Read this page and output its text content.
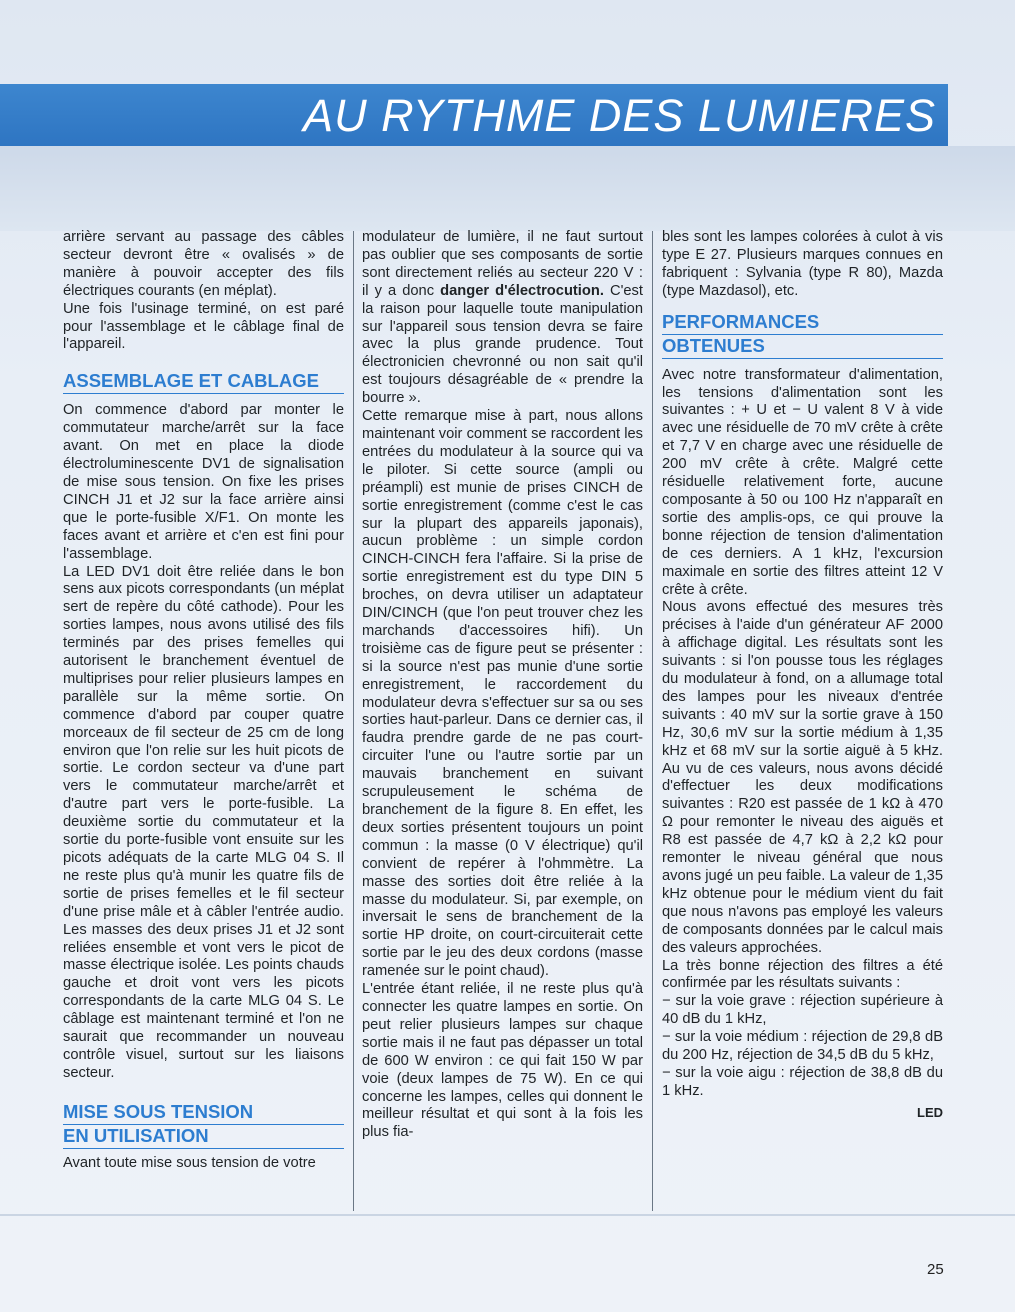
AU RYTHME DES LUMIERES

arrière servant au passage des câbles secteur devront être « ovalisés » de manière à pouvoir accepter des fils électriques courants (en méplat).

Une fois l'usinage terminé, on est paré pour l'assemblage et le câblage final de l'appareil.

ASSEMBLAGE ET CABLAGE

On commence d'abord par monter le commutateur marche/arrêt sur la face avant. On met en place la diode électroluminescente DV1 de signalisation de mise sous tension. On fixe les prises CINCH J1 et J2 sur la face arrière ainsi que le porte-fusible X/F1. On monte les faces avant et arrière et c'en est fini pour l'assemblage.

La LED DV1 doit être reliée dans le bon sens aux picots correspondants (un méplat sert de repère du côté cathode). Pour les sorties lampes, nous avons utilisé des fils terminés par des prises femelles qui autorisent le branchement éventuel de multiprises pour relier plusieurs lampes en parallèle sur la même sortie. On commence d'abord par couper quatre morceaux de fil secteur de 25 cm de long environ que l'on relie sur les huit picots de sortie. Le cordon secteur va d'une part vers le commutateur marche/arrêt et d'autre part vers le porte-fusible. La deuxième sortie du commutateur et la sortie du porte-fusible vont ensuite sur les picots adéquats de la carte MLG 04 S. Il ne reste plus qu'à munir les quatre fils de sortie de prises femelles et le fil secteur d'une prise mâle et à câbler l'entrée audio. Les masses des deux prises J1 et J2 sont reliées ensemble et vont vers le picot de masse électrique isolée. Les points chauds gauche et droit vont vers les picots correspondants de la carte MLG 04 S. Le câblage est maintenant terminé et l'on ne saurait que recommander un nouveau contrôle visuel, surtout sur les liaisons secteur.

MISE SOUS TENSION
EN UTILISATION

Avant toute mise sous tension de votre

modulateur de lumière, il ne faut surtout pas oublier que ses composants de sortie sont directement reliés au secteur 220 V : il y a donc danger d'électrocution. C'est la raison pour laquelle toute manipulation sur l'appareil sous tension devra se faire avec la plus grande prudence. Tout électronicien chevronné ou non sait qu'il est toujours désagréable de « prendre la bourre ».

Cette remarque mise à part, nous allons maintenant voir comment se raccordent les entrées du modulateur à la source qui va le piloter. Si cette source (ampli ou préampli) est munie de prises CINCH de sortie enregistrement (comme c'est le cas sur la plupart des appareils japonais), aucun problème : un simple cordon CINCH-CINCH fera l'affaire. Si la prise de sortie enregistrement est du type DIN 5 broches, on devra utiliser un adaptateur DIN/CINCH (que l'on peut trouver chez les marchands d'accessoires hifi). Un troisième cas de figure peut se présenter : si la source n'est pas munie d'une sortie enregistrement, le raccordement du modulateur devra s'effectuer sur sa ou ses sorties haut-parleur. Dans ce dernier cas, il faudra prendre garde de ne pas court-circuiter l'une ou l'autre sortie par un mauvais branchement en suivant scrupuleusement le schéma de branchement de la figure 8. En effet, les deux sorties présentent toujours un point commun : la masse (0 V électrique) qu'il convient de repérer à l'ohmmètre. La masse des sorties doit être reliée à la masse du modulateur. Si, par exemple, on inversait le sens de branchement de la sortie HP droite, on court-circuiterait cette sortie par le jeu des deux cordons (masse ramenée sur le point chaud).

L'entrée étant reliée, il ne reste plus qu'à connecter les quatre lampes en sortie. On peut relier plusieurs lampes sur chaque sortie mais il ne faut pas dépasser un total de 600 W environ : ce qui fait 150 W par voie (deux lampes de 75 W). En ce qui concerne les lampes, celles qui donnent le meilleur résultat et qui sont à la fois les plus fia-

bles sont les lampes colorées à culot à vis type E 27. Plusieurs marques connues en fabriquent : Sylvania (type R 80), Mazda (type Mazdasol), etc.

PERFORMANCES
OBTENUES

Avec notre transformateur d'alimentation, les tensions d'alimentation sont les suivantes : + U et − U valent 8 V à vide avec une résiduelle de 70 mV crête à crête et 7,7 V en charge avec une résiduelle de 200 mV crête à crête. Malgré cette résiduelle relativement forte, aucune composante à 50 ou 100 Hz n'apparaît en sortie des amplis-ops, ce qui prouve la bonne réjection de tension d'alimentation de ces derniers. A 1 kHz, l'excursion maximale en sortie des filtres atteint 12 V crête à crête.

Nous avons effectué des mesures très précises à l'aide d'un générateur AF 2000 à affichage digital. Les résultats sont les suivants : si l'on pousse tous les réglages du modulateur à fond, on a allumage total des lampes pour les niveaux d'entrée suivants : 40 mV sur la sortie grave à 150 Hz, 30,6 mV sur la sortie médium à 1,35 kHz et 68 mV sur la sortie aiguë à 5 kHz. Au vu de ces valeurs, nous avons décidé d'effectuer les deux modifications suivantes : R20 est passée de 1 kΩ à 470 Ω pour remonter le niveau des aiguës et R8 est passée de 4,7 kΩ à 2,2 kΩ pour remonter le niveau général que nous avons jugé un peu faible. La valeur de 1,35 kHz obtenue pour le médium vient du fait que nous n'avons pas employé les valeurs de composants données par le calcul mais des valeurs approchées.

La très bonne réjection des filtres a été confirmée par les résultats suivants :

− sur la voie grave : réjection supérieure à 40 dB du 1 kHz,

− sur la voie médium : réjection de 29,8 dB du 200 Hz, réjection de 34,5 dB du 5 kHz,

− sur la voie aigu : réjection de 38,8 dB du 1 kHz.

LED
25
